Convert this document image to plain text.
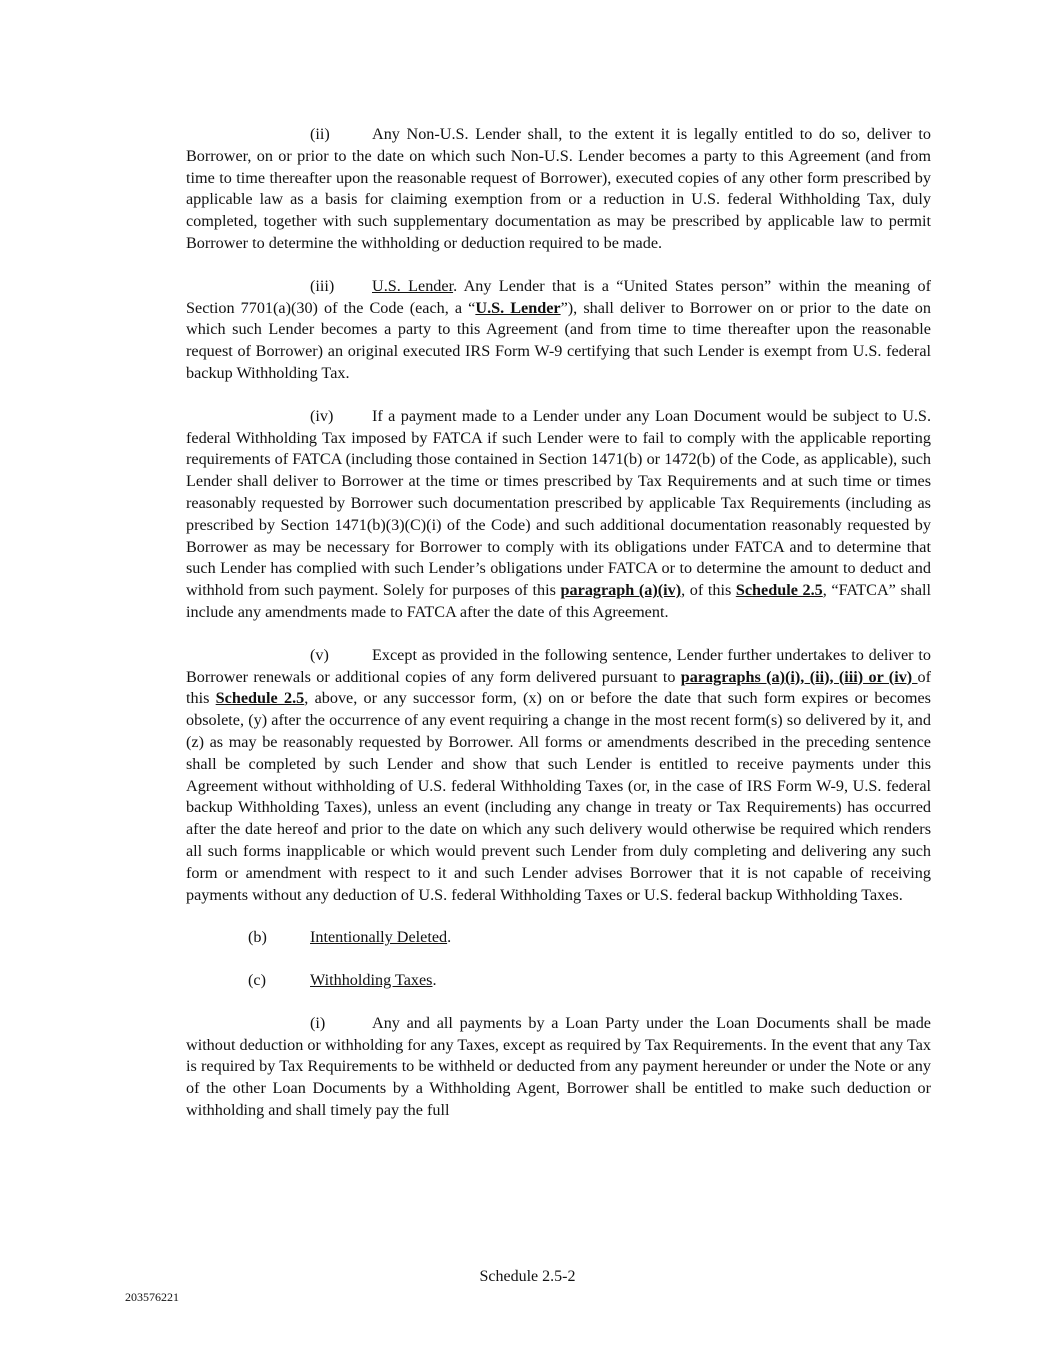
(ii)	Any Non-U.S. Lender shall, to the extent it is legally entitled to do so, deliver to Borrower, on or prior to the date on which such Non-U.S. Lender becomes a party to this Agreement (and from time to time thereafter upon the reasonable request of Borrower), executed copies of any other form prescribed by applicable law as a basis for claiming exemption from or a reduction in U.S. federal Withholding Tax, duly completed, together with such supplementary documentation as may be prescribed by applicable law to permit Borrower to determine the withholding or deduction required to be made.

(iii) U.S. Lender. Any Lender that is a “United States person” within the meaning of Section 7701(a)(30) of the Code (each, a “U.S. Lender”), shall deliver to Borrower on or prior to the date on which such Lender becomes a party to this Agreement (and from time to time thereafter upon the reasonable request of Borrower) an original executed IRS Form W-9 certifying that such Lender is exempt from U.S. federal backup Withholding Tax.

(iv) If a payment made to a Lender under any Loan Document would be subject to U.S. federal Withholding Tax imposed by FATCA if such Lender were to fail to comply with the applicable reporting requirements of FATCA (including those contained in Section 1471(b) or 1472(b) of the Code, as applicable), such Lender shall deliver to Borrower at the time or times prescribed by Tax Requirements and at such time or times reasonably requested by Borrower such documentation prescribed by applicable Tax Requirements (including as prescribed by Section 1471(b)(3)(C)(i) of the Code) and such additional documentation reasonably requested by Borrower as may be necessary for Borrower to comply with its obligations under FATCA and to determine that such Lender has complied with such Lender’s obligations under FATCA or to determine the amount to deduct and withhold from such payment. Solely for purposes of this paragraph (a)(iv), of this Schedule 2.5, “FATCA” shall include any amendments made to FATCA after the date of this Agreement.

(v)	Except as provided in the following sentence, Lender further undertakes to deliver to Borrower renewals or additional copies of any form delivered pursuant to paragraphs (a)(i), (ii), (iii) or (iv) of this Schedule 2.5, above, or any successor form, (x) on or before the date that such form expires or becomes obsolete, (y) after the occurrence of any event requiring a change in the most recent form(s) so delivered by it, and (z) as may be reasonably requested by Borrower. All forms or amendments described in the preceding sentence shall be completed by such Lender and show that such Lender is entitled to receive payments under this Agreement without withholding of U.S. federal Withholding Taxes (or, in the case of IRS Form W-9, U.S. federal backup Withholding Taxes), unless an event (including any change in treaty or Tax Requirements) has occurred after the date hereof and prior to the date on which any such delivery would otherwise be required which renders all such forms inapplicable or which would prevent such Lender from duly completing and delivering any such form or amendment with respect to it and such Lender advises Borrower that it is not capable of receiving payments without any deduction of U.S. federal Withholding Taxes or U.S. federal backup Withholding Taxes.

(b)	Intentionally Deleted.

(c)	Withholding Taxes.

(i)	Any and all payments by a Loan Party under the Loan Documents shall be made without deduction or withholding for any Taxes, except as required by Tax Requirements. In the event that any Tax is required by Tax Requirements to be withheld or deducted from any payment hereunder or under the Note or any of the other Loan Documents by a Withholding Agent, Borrower shall be entitled to make such deduction or withholding and shall timely pay the full

Schedule 2.5-2
203576221
